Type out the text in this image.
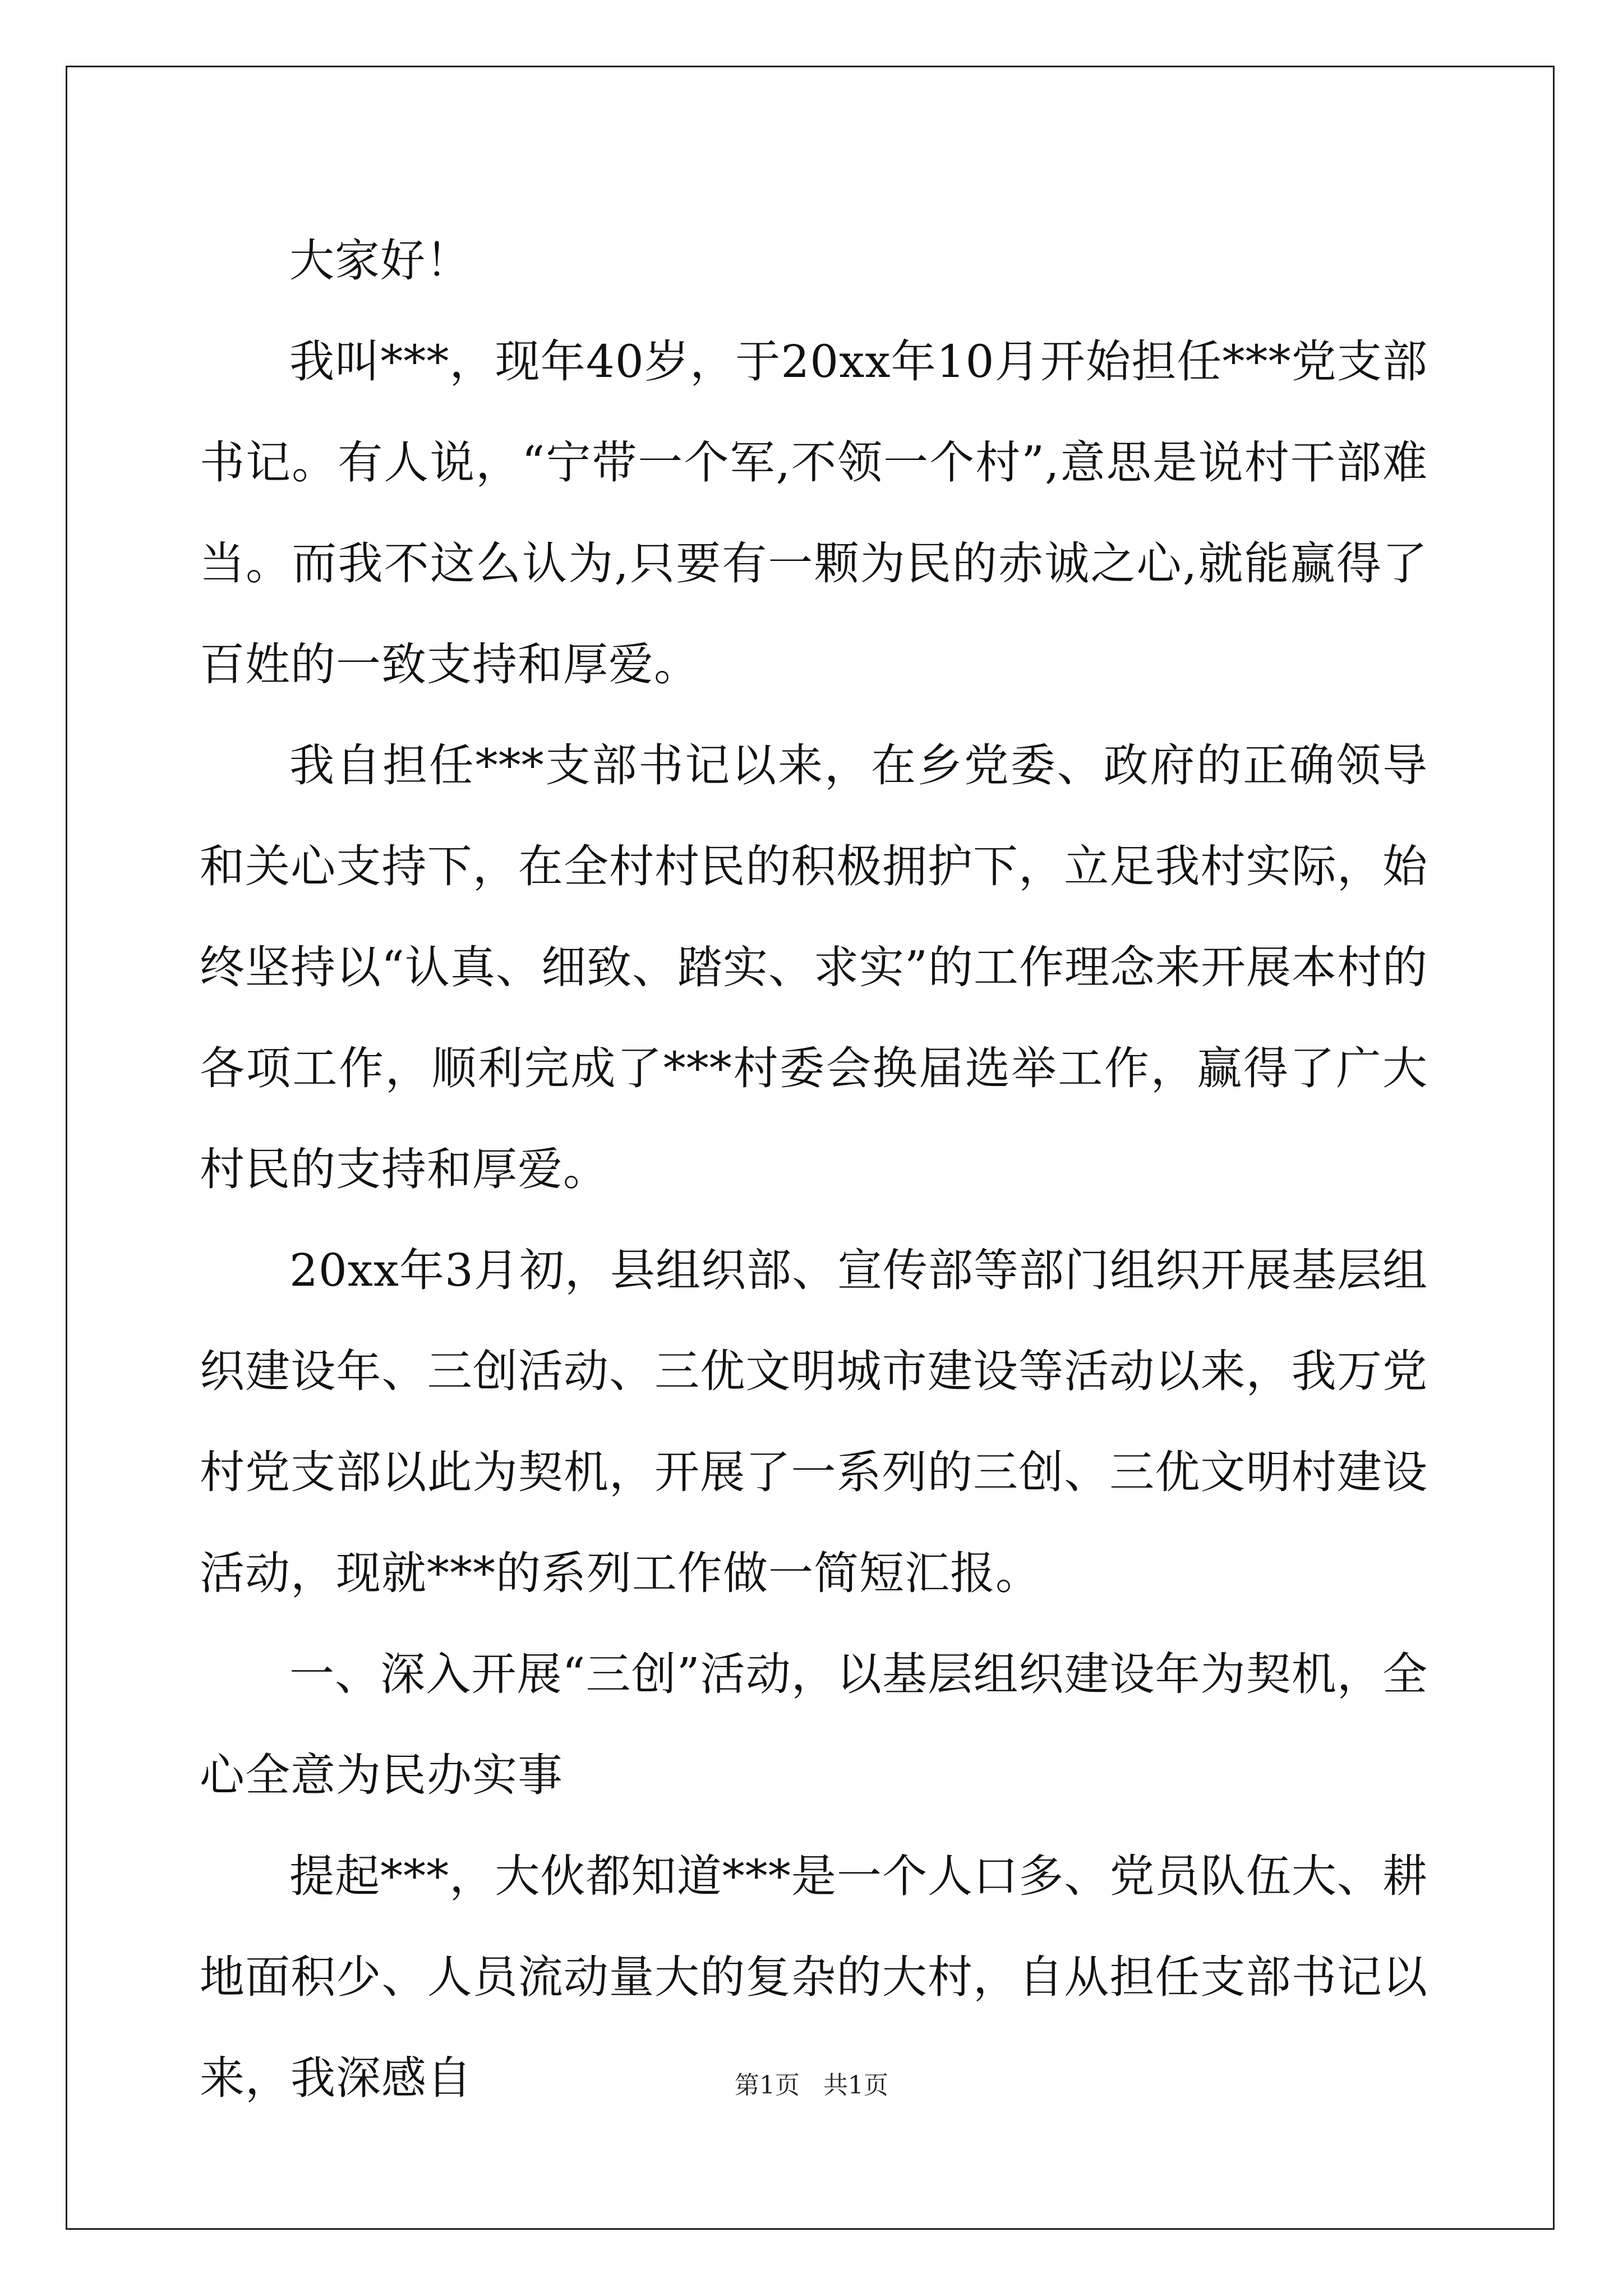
大家好！

我叫***，现年40岁，于20xx年10月开始担任***党支部书记。有人说，“宁带一个军,不领一个村”,意思是说村干部难当。而我不这么认为,只要有一颗为民的赤诚之心,就能赢得了百姓的一致支持和厚爱。

我自担任***支部书记以来，在乡党委、政府的正确领导和关心支持下，在全村村民的积极拥护下，立足我村实际，始终坚持以“认真、细致、踏实、求实”的工作理念来开展本村的各项工作，顺利完成了***村委会换届选举工作，赢得了广大村民的支持和厚爱。

20xx年3月初，县组织部、宣传部等部门组织开展基层组织建设年、三创活动、三优文明城市建设等活动以来，我万党村党支部以此为契机，开展了一系列的三创、三优文明村建设活动，现就***的系列工作做一简短汇报。

一、深入开展“三创”活动，以基层组织建设年为契机，全心全意为民办实事

提起***，大伙都知道***是一个人口多、党员队伍大、耕地面积少、人员流动量大的复杂的大村，自从担任支部书记以来，我深感自	第1页   共1页
